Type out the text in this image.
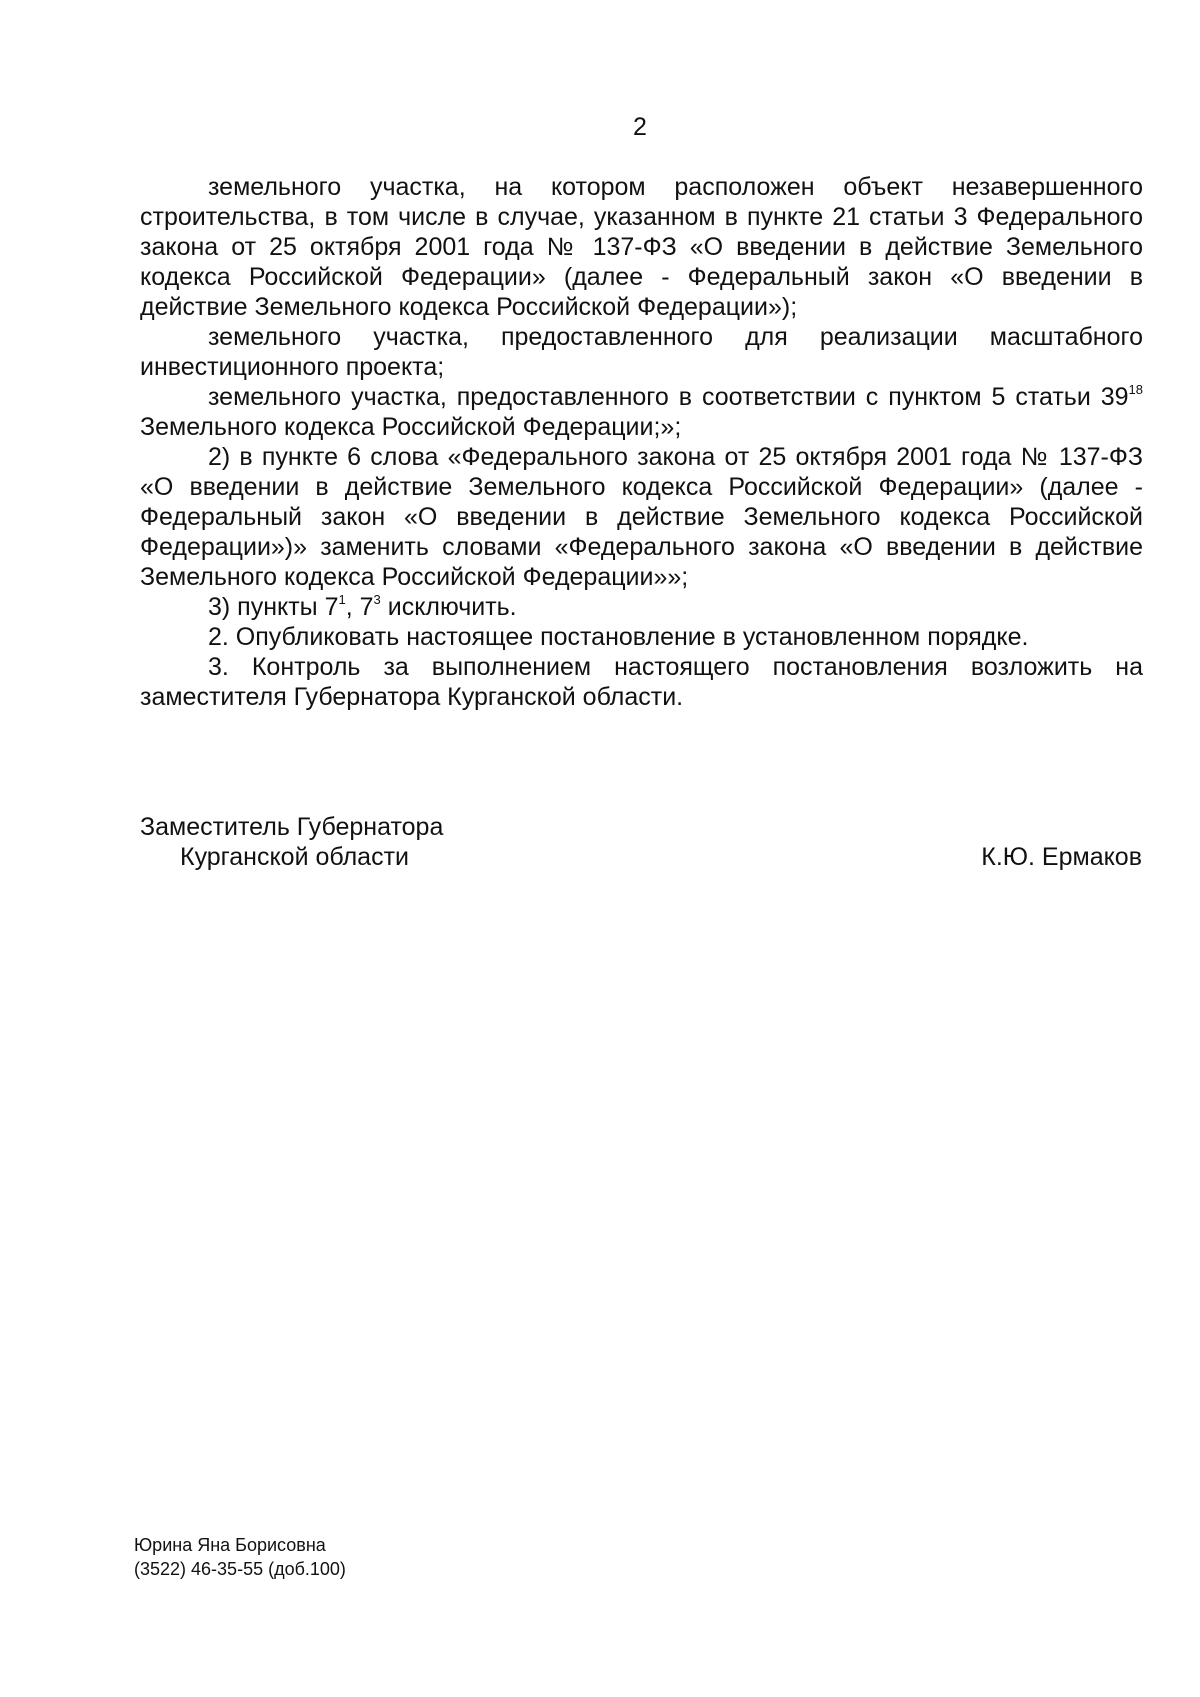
2

земельного участка, на котором расположен объект незавершенного строительства, в том числе в случае, указанном в пункте 21 статьи 3 Федерального закона от 25 октября 2001 года № 137-ФЗ «О введении в действие Земельного кодекса Российской Федерации» (далее - Федеральный закон «О введении в действие Земельного кодекса Российской Федерации»);

земельного участка, предоставленного для реализации масштабного инвестиционного проекта;

земельного участка, предоставленного в соответствии с пунктом 5 статьи $39^{18}$ Земельного кодекса Российской Федерации;»;

2) в пункте 6 слова «Федерального закона от 25 октября 2001 года № 137-ФЗ «О введении в действие Земельного кодекса Российской Федерации» (далее - Федеральный закон «О введении в действие Земельного кодекса Российской Федерации»)» заменить словами «Федерального закона «О введении в действие Земельного кодекса Российской Федерации»»;

3) пункты $7^1$, $7^3$ исключить.

2. Опубликовать настоящее постановление в установленном порядке.

3. Контроль за выполнением настоящего постановления возложить на заместителя Губернатора Курганской области.

Заместитель Губернатора
Курганской области	К.Ю. Ермаков
Юрина Яна Борисовна
(3522) 46-35-55 (доб.100)
